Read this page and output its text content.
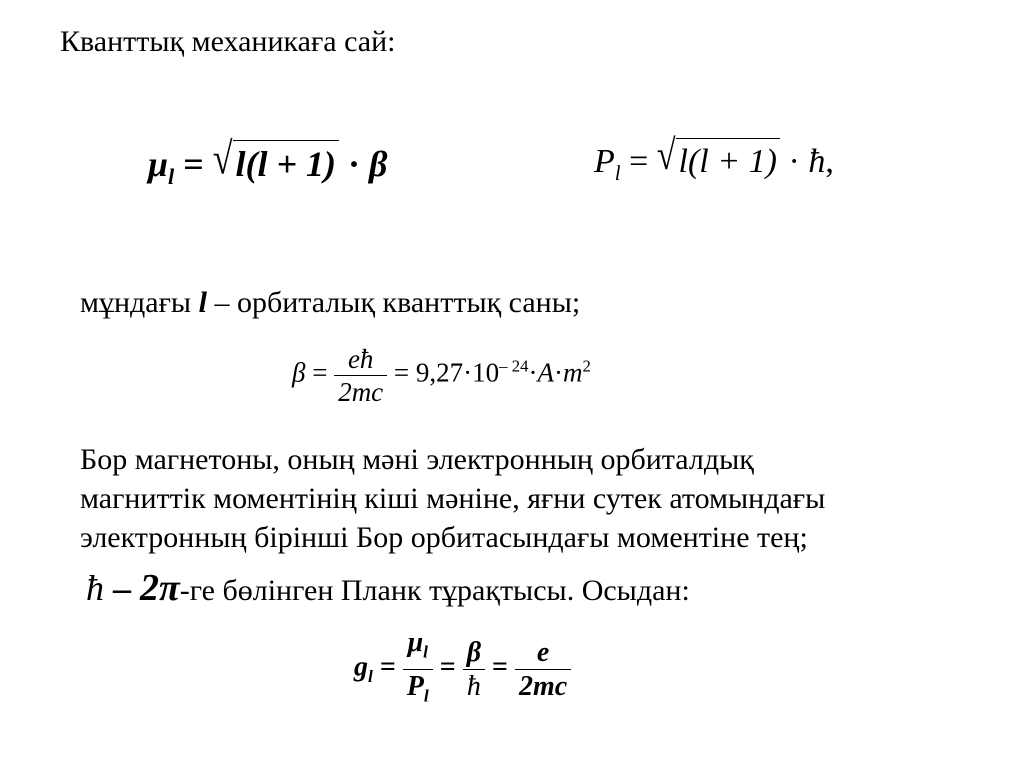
Кванттық механикаға сай:
$\mu_l = √l(l + 1) \cdot \beta$	$P_l = √l(l + 1)$ · ħ,
мұндағы l – орбиталық кванттық саны;
$\beta = \frac{eħ}{2mc} = 9,27\cdot 10^{- 24}\cdot A\cdot m^2$
Бор магнетоны, оның мәні электронның орбиталдық
магниттік моментінің кіші мәніне, яғни сутек атомындағы
электронның бірінші Бор орбитасындағы моментіне тең;
ħ – 2π-ге бөлінген Планк тұрақтысы. Осыдан:
$g_l = \frac{\mu_l}{P_l} = \frac{\beta}{ħ} = \frac{e}{2mc}$
